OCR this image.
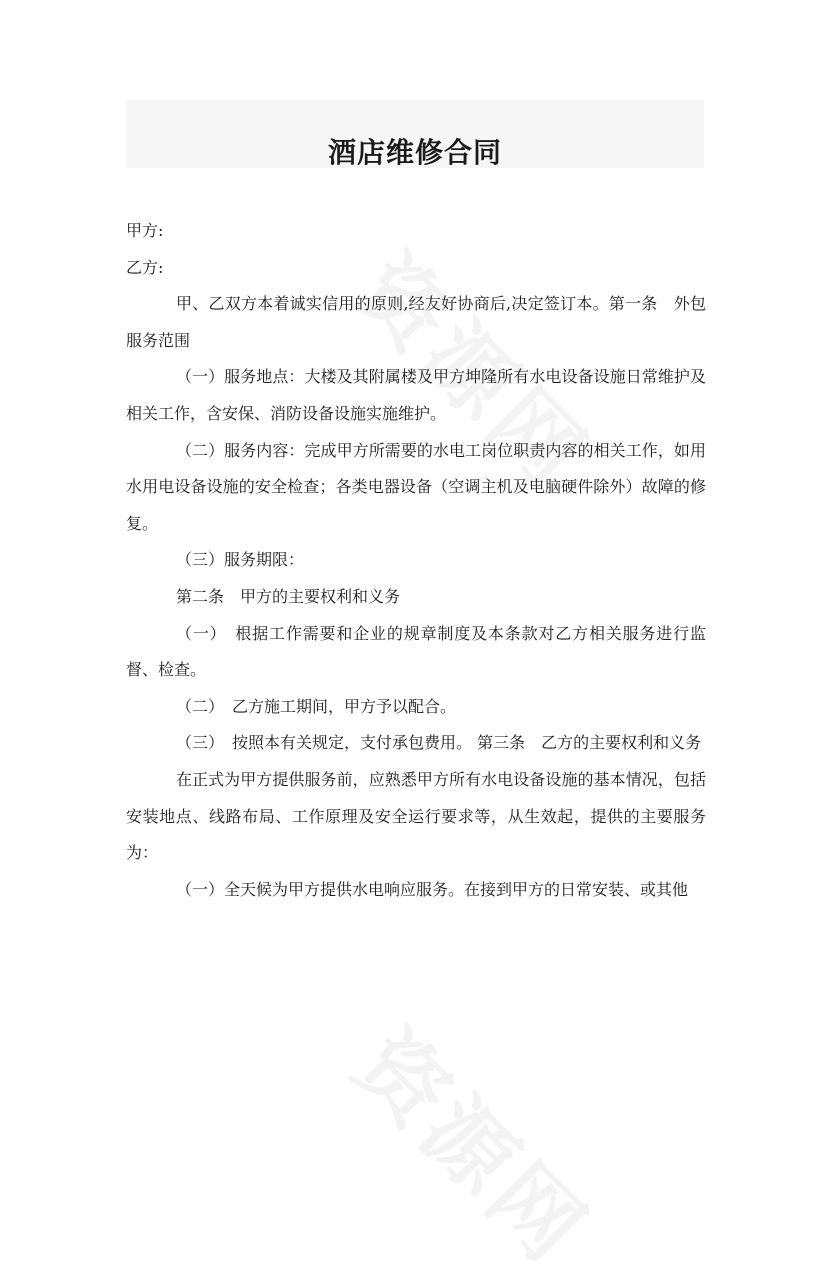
酒店维修合同

甲方:

乙方:

甲、乙双方本着诚实信用的原则,经友好协商后,决定签订本。第一条　外包服务范围

（一）服务地点：大楼及其附属楼及甲方坤隆所有水电设备设施日常维护及相关工作，含安保、消防设备设施实施维护。

（二）服务内容：完成甲方所需要的水电工岗位职责内容的相关工作，如用水用电设备设施的安全检查；各类电器设备（空调主机及电脑硬件除外）故障的修复。

（三）服务期限：

第二条　甲方的主要权利和义务

（一）　根据工作需要和企业的规章制度及本条款对乙方相关服务进行监督、检查。

（二）　乙方施工期间，甲方予以配合。

（三）　按照本有关规定，支付承包费用。 第三条　乙方的主要权利和义务

在正式为甲方提供服务前，应熟悉甲方所有水电设备设施的基本情况，包括安装地点、线路布局、工作原理及安全运行要求等，从生效起，提供的主要服务为：

（一）全天候为甲方提供水电响应服务。在接到甲方的日常安装、或其他
